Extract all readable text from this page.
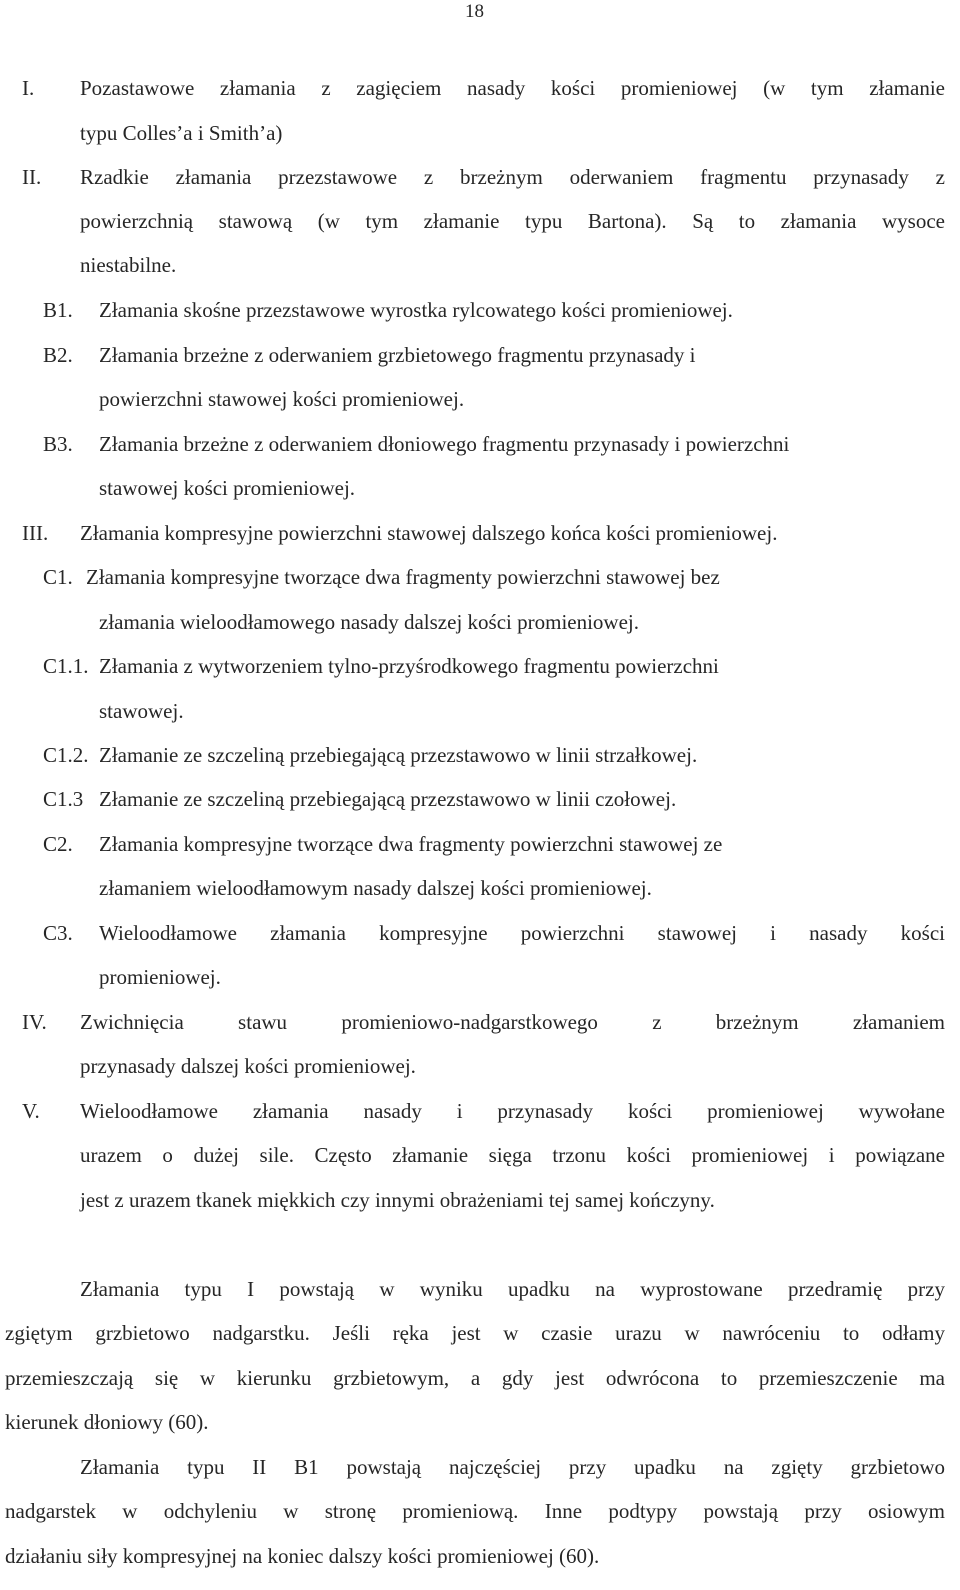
18
I. Pozastawowe złamania z zagięciem nasady kości promieniowej (w tym złamanie
typu Colles’a i Smith’a)
II. Rzadkie złamania przezstawowe z brzeżnym oderwaniem fragmentu przynasady z
powierzchnią stawową (w tym złamanie typu Bartona). Są to złamania wysoce
niestabilne.
B1. Złamania skośne przezstawowe wyrostka rylcowatego kości promieniowej.
B2. Złamania brzeżne z oderwaniem grzbietowego fragmentu przynasady i
powierzchni stawowej kości promieniowej.
B3. Złamania brzeżne z oderwaniem dłoniowego fragmentu przynasady i powierzchni
stawowej kości promieniowej.
III. Złamania kompresyjne powierzchni stawowej dalszego końca kości promieniowej.
C1. Złamania kompresyjne tworzące dwa fragmenty powierzchni stawowej bez
złamania wieloodłamowego nasady dalszej kości promieniowej.
C1.1. Złamania z wytworzeniem tylno-przyśrodkowego fragmentu powierzchni
stawowej.
C1.2. Złamanie ze szczeliną przebiegającą przezstawowo w linii strzałkowej.
C1.3 Złamanie ze szczeliną przebiegającą przezstawowo w linii czołowej.
C2. Złamania kompresyjne tworzące dwa fragmenty powierzchni stawowej ze
złamaniem wieloodłamowym nasady dalszej kości promieniowej.
C3. Wieloodłamowe złamania kompresyjne powierzchni stawowej i nasady kości
promieniowej.
IV. Zwichnięcia stawu promieniowo-nadgarstkowego z brzeżnym złamaniem
przynasady dalszej kości promieniowej.
V. Wieloodłamowe złamania nasady i przynasady kości promieniowej wywołane
urazem o dużej sile. Często złamanie sięga trzonu kości promieniowej i powiązane
jest z urazem tkanek miękkich czy innymi obrażeniami tej samej kończyny.
Złamania typu I powstają w wyniku upadku na wyprostowane przedramię przy
zgiętym grzbietowo nadgarstku. Jeśli ręka jest w czasie urazu w nawróceniu to odłamy
przemieszczają się w kierunku grzbietowym, a gdy jest odwrócona to przemieszczenie ma
kierunek dłoniowy (60).
Złamania typu II B1 powstają najczęściej przy upadku na zgięty grzbietowo
nadgarstek w odchyleniu w stronę promieniową. Inne podtypy powstają przy osiowym
działaniu siły kompresyjnej na koniec dalszy kości promieniowej (60).
